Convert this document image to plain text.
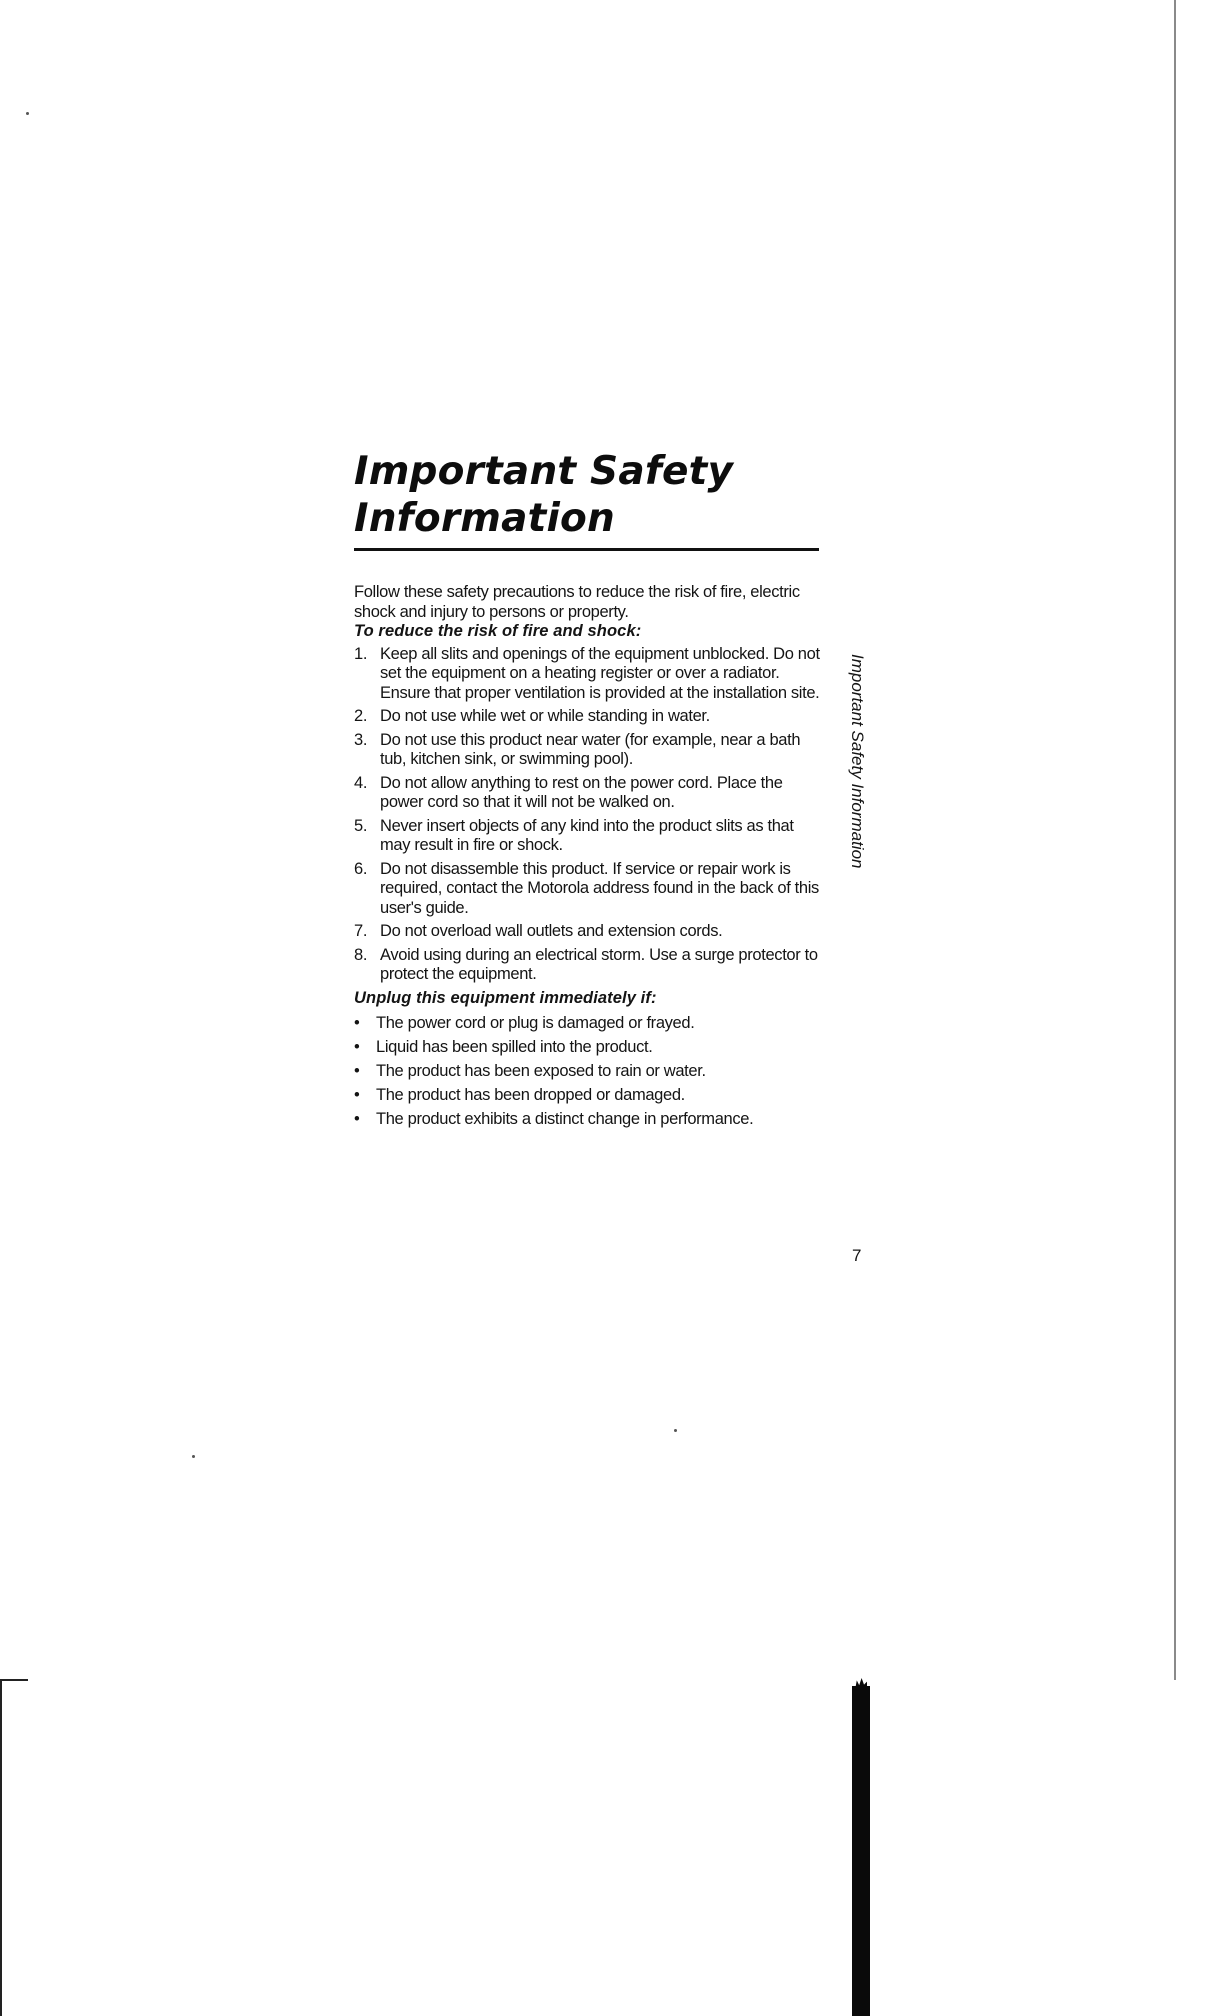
Important Safety Information

Follow these safety precautions to reduce the risk of fire, electric shock and injury to persons or property.

To reduce the risk of fire and shock:

1. Keep all slits and openings of the equipment unblocked. Do not set the equipment on a heating register or over a radiator. Ensure that proper ventilation is provided at the installation site.
2. Do not use while wet or while standing in water.
3. Do not use this product near water (for example, near a bath tub, kitchen sink, or swimming pool).
4. Do not allow anything to rest on the power cord. Place the power cord so that it will not be walked on.
5. Never insert objects of any kind into the product slits as that may result in fire or shock.
6. Do not disassemble this product. If service or repair work is required, contact the Motorola address found in the back of this user's guide.
7. Do not overload wall outlets and extension cords.
8. Avoid using during an electrical storm. Use a surge protector to protect the equipment.

Unplug this equipment immediately if:

• The power cord or plug is damaged or frayed.
• Liquid has been spilled into the product.
• The product has been exposed to rain or water.
• The product has been dropped or damaged.
• The product exhibits a distinct change in performance.
Important Safety Information
7
